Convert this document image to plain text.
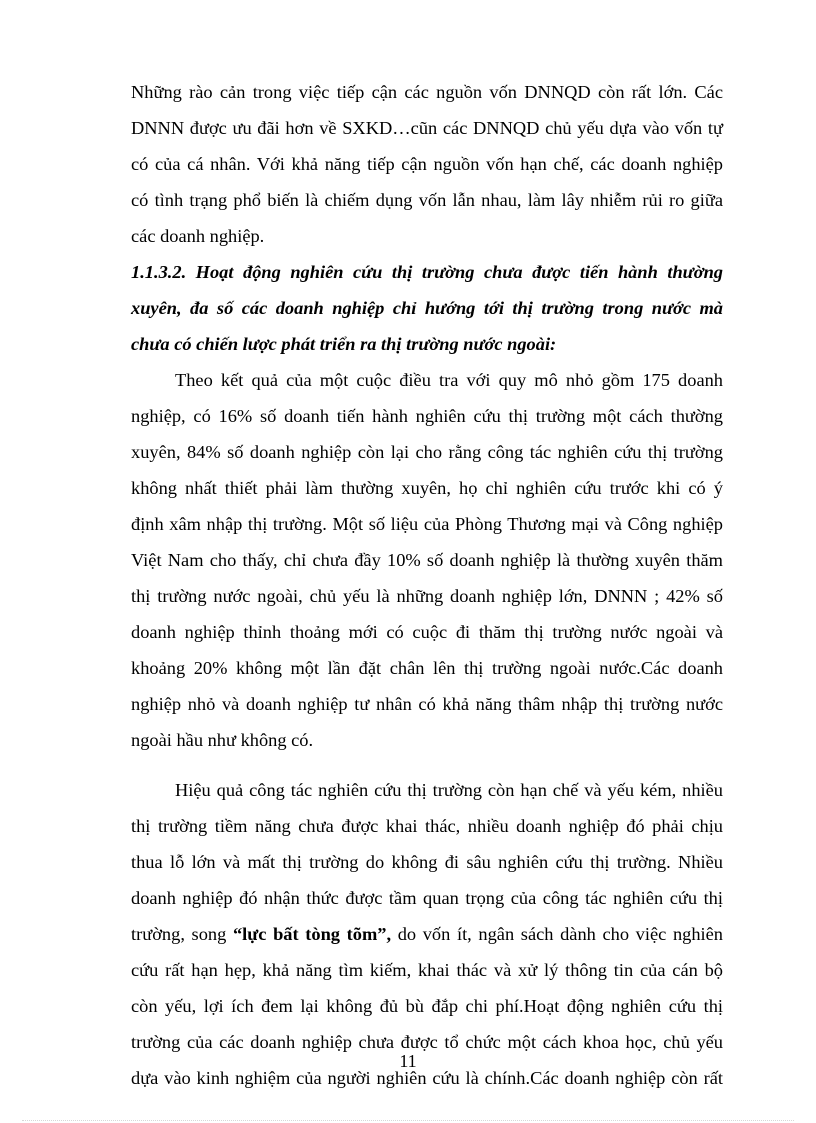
Những rào cản trong việc tiếp cận các nguồn vốn DNNQD còn rất lớn. Các
DNNN được ưu đãi hơn về SXKD…cũn các DNNQD chủ yếu dựa vào vốn tự
có của cá nhân. Với khả năng tiếp cận nguồn vốn hạn chế, các doanh nghiệp
có tình trạng phổ biến là chiếm dụng vốn lẫn nhau, làm lây nhiễm rủi ro giữa
các doanh nghiệp.
1.1.3.2. Hoạt động nghiên cứu thị trường chưa được tiến hành thường
xuyên, đa số các doanh nghiệp chỉ hướng tới thị trường trong nước mà
chưa có chiến lược phát triển ra thị trường nước ngoài:
Theo kết quả của một cuộc điều tra với quy mô nhỏ gồm 175 doanh
nghiệp, có 16% số doanh tiến hành nghiên cứu thị trường một cách thường
xuyên, 84% số doanh nghiệp còn lại cho rằng công tác nghiên cứu thị trường
không nhất thiết phải làm thường xuyên, họ chỉ nghiên cứu trước khi có ý
định xâm nhập thị trường. Một số liệu của Phòng Thương mại và Công nghiệp
Việt Nam cho thấy, chỉ chưa đầy 10% số doanh nghiệp là thường xuyên thăm
thị trường nước ngoài, chủ yếu là những doanh nghiệp lớn, DNNN ; 42% số
doanh nghiệp thỉnh thoảng mới có cuộc đi thăm thị trường nước ngoài và
khoảng 20% không một lần đặt chân lên thị trường ngoài nước.Các doanh
nghiệp nhỏ và doanh nghiệp tư nhân có khả năng thâm nhập thị trường nước
ngoài hầu như không có.
Hiệu quả công tác nghiên cứu thị trường còn hạn chế và yếu kém, nhiều
thị trường tiềm năng chưa được khai thác, nhiều doanh nghiệp đó phải chịu
thua lỗ lớn và mất thị trường do không đi sâu nghiên cứu thị trường. Nhiều
doanh nghiệp đó nhận thức được tầm quan trọng của công tác nghiên cứu thị
trường, song “lực bất tòng tõm”, do vốn ít, ngân sách dành cho việc nghiên
cứu rất hạn hẹp, khả năng tìm kiếm, khai thác và xử lý thông tin của cán bộ
còn yếu, lợi ích đem lại không đủ bù đắp chi phí.Hoạt động nghiên cứu thị
trường của các doanh nghiệp chưa được tổ chức một cách khoa học, chủ yếu
dựa vào kinh nghiệm của người nghiên cứu là chính.Các doanh nghiệp còn rất
11
